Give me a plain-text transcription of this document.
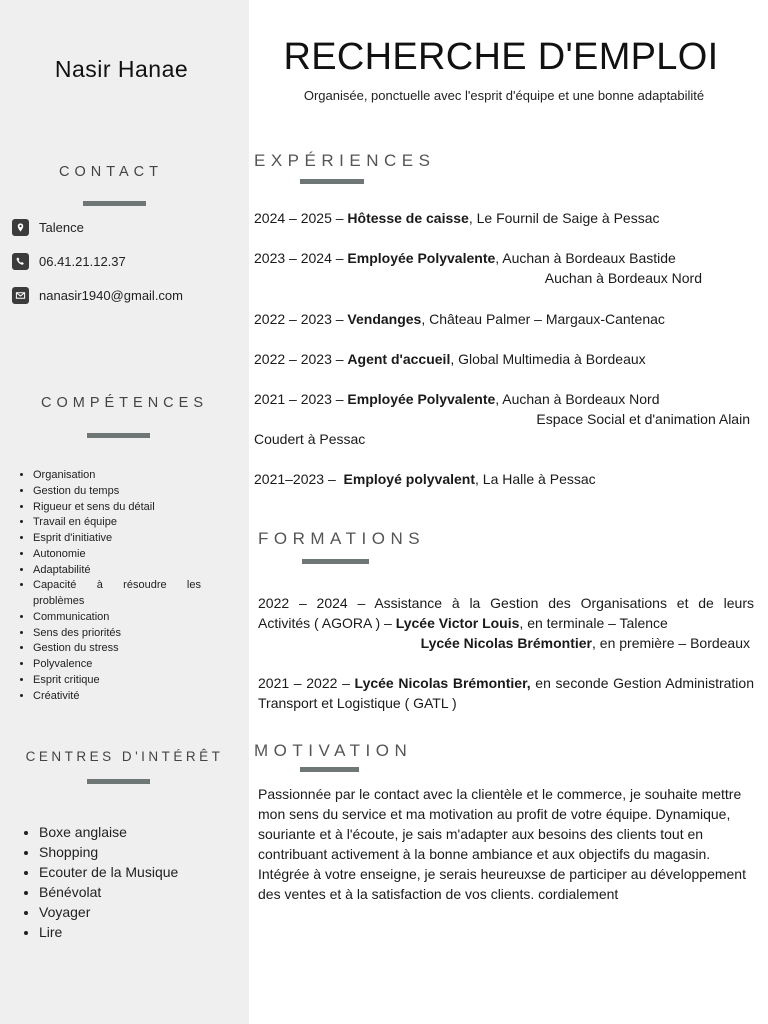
Nasir Hanae
CONTACT
Talence
06.41.21.12.37
nanasir1940@gmail.com
COMPÉTENCES
• Organisation
• Gestion du temps
• Rigueur et sens du détail
• Travail en équipe
• Esprit d'initiative
• Autonomie
• Adaptabilité
• Capacité à résoudre les problèmes
• Communication
• Sens des priorités
• Gestion du stress
• Polyvalence
• Esprit critique
• Créativité
CENTRES D'INTÉRÊT
• Boxe anglaise
• Shopping
• Ecouter de la Musique
• Bénévolat
• Voyager
• Lire
RECHERCHE D'EMPLOI
Organisée, ponctuelle avec l'esprit d'équipe et une bonne adaptabilité
EXPÉRIENCES
2024 – 2025 – Hôtesse de caisse, Le Fournil de Saige à Pessac
2023 – 2024 – Employée Polyvalente, Auchan à Bordeaux Bastide
Auchan à Bordeaux Nord
2022 – 2023 – Vendanges, Château Palmer – Margaux-Cantenac
2022 – 2023 – Agent d'accueil, Global Multimedia à Bordeaux
2021 – 2023 – Employée Polyvalente, Auchan à Bordeaux Nord
Espace Social et d'animation Alain
Coudert à Pessac
2021–2023 –  Employé polyvalent, La Halle à Pessac
FORMATIONS
2022 – 2024 – Assistance à la Gestion des Organisations et de leurs
Activités ( AGORA ) – Lycée Victor Louis, en terminale – Talence
Lycée Nicolas Brémontier, en première – Bordeaux
2021 – 2022 – Lycée Nicolas Brémontier, en seconde Gestion Administration Transport et Logistique ( GATL )
MOTIVATION
Passionnée par le contact avec la clientèle et le commerce, je souhaite mettre mon sens du service et ma motivation au profit de votre équipe. Dynamique, souriante et à l'écoute, je sais m'adapter aux besoins des clients tout en contribuant activement à la bonne ambiance et aux objectifs du magasin. Intégrée à votre enseigne, je serais heureuxse de participer au développement des ventes et à la satisfaction de vos clients. cordialement
